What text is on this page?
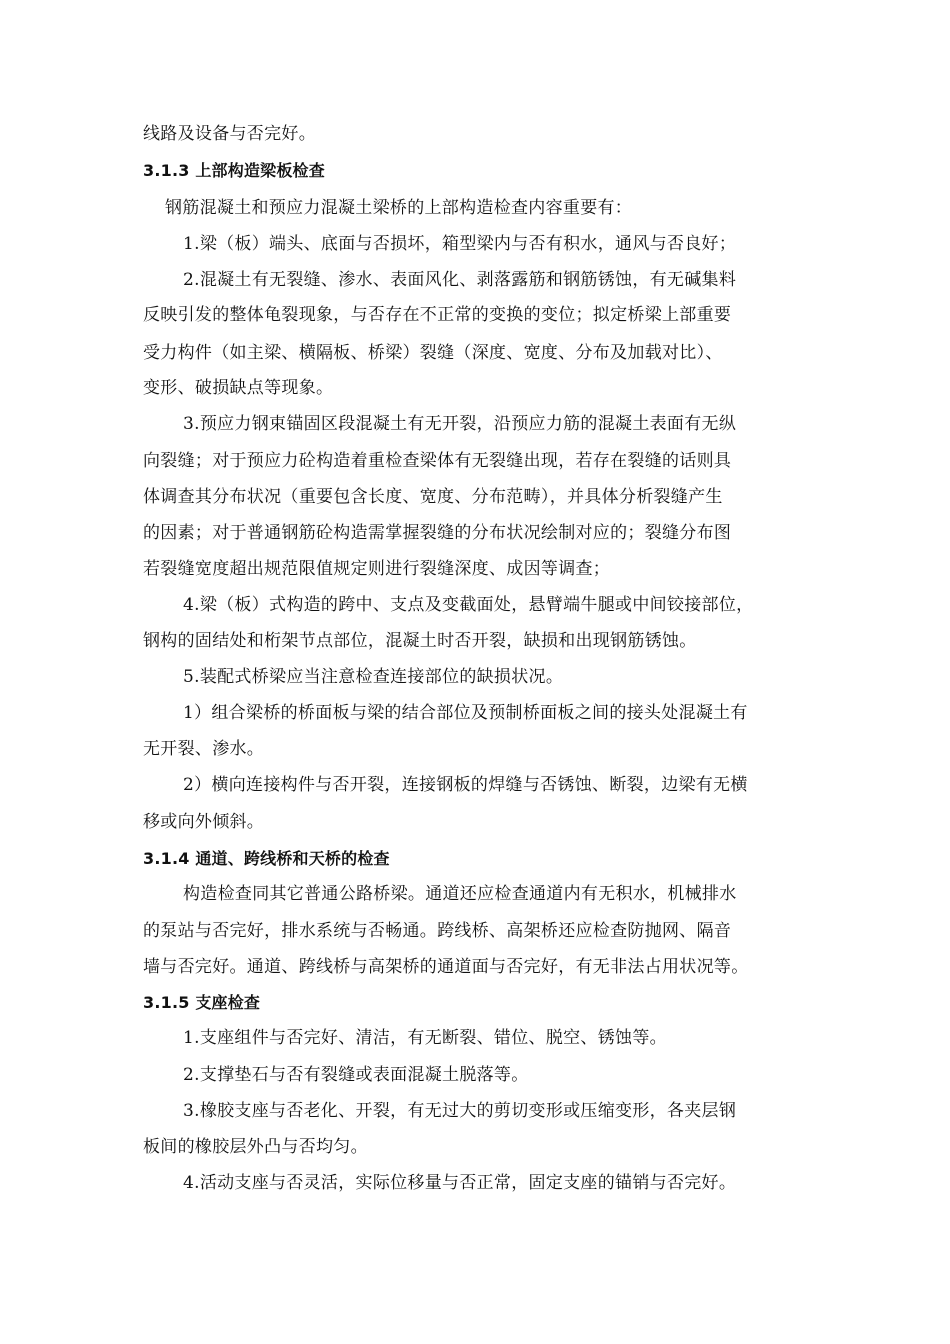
线路及设备与否完好。
3.1.3 上部构造梁板检查
钢筋混凝土和预应力混凝土梁桥的上部构造检查内容重要有：
1.梁（板）端头、底面与否损坏，箱型梁内与否有积水，通风与否良好；
2.混凝土有无裂缝、渗水、表面风化、剥落露筋和钢筋锈蚀，有无碱集料
反映引发的整体龟裂现象，与否存在不正常的变换的变位；拟定桥梁上部重要
受力构件（如主梁、横隔板、桥梁）裂缝（深度、宽度、分布及加载对比）、
变形、破损缺点等现象。
3.预应力钢束锚固区段混凝土有无开裂，沿预应力筋的混凝土表面有无纵
向裂缝；对于预应力砼构造着重检查梁体有无裂缝出现，若存在裂缝的话则具
体调查其分布状况（重要包含长度、宽度、分布范畴），并具体分析裂缝产生
的因素；对于普通钢筋砼构造需掌握裂缝的分布状况绘制对应的；裂缝分布图
若裂缝宽度超出规范限值规定则进行裂缝深度、成因等调查；
4.梁（板）式构造的跨中、支点及变截面处，悬臂端牛腿或中间铰接部位，
钢构的固结处和桁架节点部位，混凝土时否开裂，缺损和出现钢筋锈蚀。
5.装配式桥梁应当注意检查连接部位的缺损状况。
1）组合梁桥的桥面板与梁的结合部位及预制桥面板之间的接头处混凝土有
无开裂、渗水。
2）横向连接构件与否开裂，连接钢板的焊缝与否锈蚀、断裂，边梁有无横
移或向外倾斜。
3.1.4 通道、跨线桥和天桥的检查
构造检查同其它普通公路桥梁。通道还应检查通道内有无积水，机械排水
的泵站与否完好，排水系统与否畅通。跨线桥、高架桥还应检查防抛网、隔音
墙与否完好。通道、跨线桥与高架桥的通道面与否完好，有无非法占用状况等。
3.1.5 支座检查
1.支座组件与否完好、清洁，有无断裂、错位、脱空、锈蚀等。
2.支撑垫石与否有裂缝或表面混凝土脱落等。
3.橡胶支座与否老化、开裂，有无过大的剪切变形或压缩变形，各夹层钢
板间的橡胶层外凸与否均匀。
4.活动支座与否灵活，实际位移量与否正常，固定支座的锚销与否完好。
